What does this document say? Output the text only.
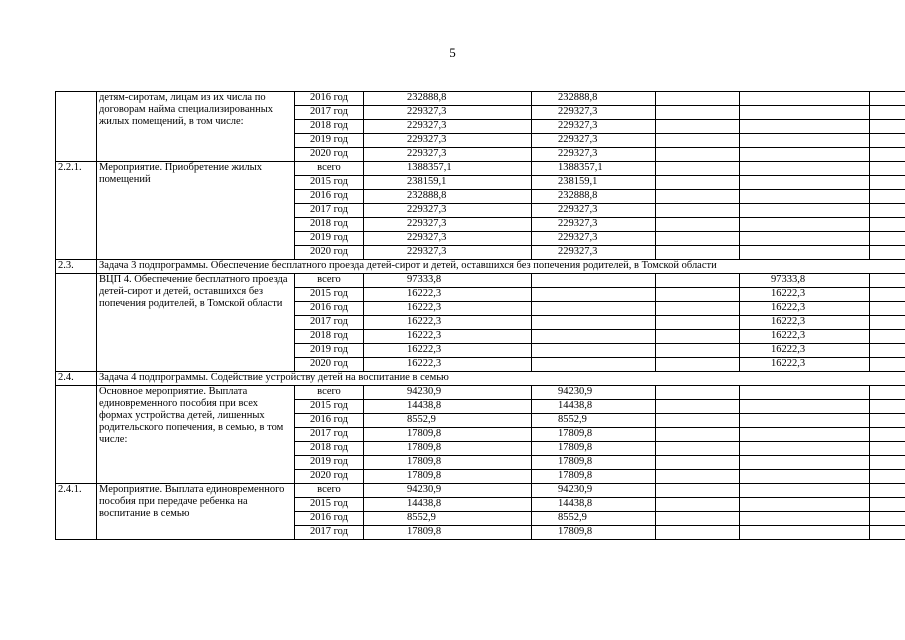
5
	детям-сиротам, лицам из их числа по договорам найма специализированных жилых помещений, в том числе:	2016 год	232888,8	232888,8			
		2017 год	229327,3	229327,3			
		2018 год	229327,3	229327,3			
		2019 год	229327,3	229327,3			
		2020 год	229327,3	229327,3			
2.2.1.	Мероприятие. Приобретение жилых помещений	всего	1388357,1	1388357,1			
		2015 год	238159,1	238159,1			
		2016 год	232888,8	232888,8			
		2017 год	229327,3	229327,3			
		2018 год	229327,3	229327,3			
		2019 год	229327,3	229327,3			
		2020 год	229327,3	229327,3			
2.3.	Задача 3 подпрограммы. Обеспечение бесплатного проезда детей-сирот и детей, оставшихся без попечения родителей, в Томской области						
	ВЦП 4. Обеспечение бесплатного проезда детей-сирот и детей, оставшихся без попечения родителей, в Томской области	всего	97333,8			97333,8	
		2015 год	16222,3			16222,3	
		2016 год	16222,3			16222,3	
		2017 год	16222,3			16222,3	
		2018 год	16222,3			16222,3	
		2019 год	16222,3			16222,3	
		2020 год	16222,3			16222,3	
2.4.	Задача 4 подпрограммы. Содействие устройству детей на воспитание в семью						
	Основное мероприятие. Выплата единовременного пособия при всех формах устройства детей, лишенных родительского попечения, в семью, в том числе:	всего	94230,9	94230,9			
		2015 год	14438,8	14438,8			
		2016 год	8552,9	8552,9			
		2017 год	17809,8	17809,8			
		2018 год	17809,8	17809,8			
		2019 год	17809,8	17809,8			
		2020 год	17809,8	17809,8			
2.4.1.	Мероприятие. Выплата единовременного пособия при передаче ребенка на воспитание в семью	всего	94230,9	94230,9			
		2015 год	14438,8	14438,8			
		2016 год	8552,9	8552,9			
		2017 год	17809,8	17809,8			
